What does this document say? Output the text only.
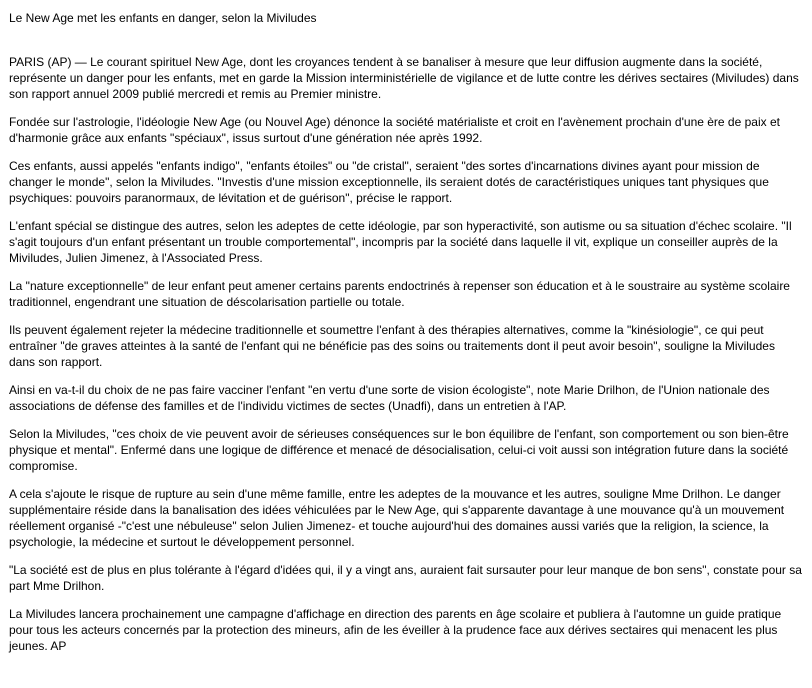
Le New Age met les enfants en danger, selon la Miviludes

PARIS (AP) — Le courant spirituel New Age, dont les croyances tendent à se banaliser à mesure que leur diffusion augmente dans la société, représente un danger pour les enfants, met en garde la Mission interministérielle de vigilance et de lutte contre les dérives sectaires (Miviludes) dans son rapport annuel 2009 publié mercredi et remis au Premier ministre.

Fondée sur l'astrologie, l'idéologie New Age (ou Nouvel Age) dénonce la société matérialiste et croit en l'avènement prochain d'une ère de paix et d'harmonie grâce aux enfants "spéciaux", issus surtout d'une génération née après 1992.

Ces enfants, aussi appelés "enfants indigo", "enfants étoiles" ou "de cristal", seraient "des sortes d'incarnations divines ayant pour mission de changer le monde", selon la Miviludes. "Investis d'une mission exceptionnelle, ils seraient dotés de caractéristiques uniques tant physiques que psychiques: pouvoirs paranormaux, de lévitation et de guérison", précise le rapport.

L'enfant spécial se distingue des autres, selon les adeptes de cette idéologie, par son hyperactivité, son autisme ou sa situation d'échec scolaire. "Il s'agit toujours d'un enfant présentant un trouble comportemental", incompris par la société dans laquelle il vit, explique un conseiller auprès de la Miviludes, Julien Jimenez, à l'Associated Press.

La "nature exceptionnelle" de leur enfant peut amener certains parents endoctrinés à repenser son éducation et à le soustraire au système scolaire traditionnel, engendrant une situation de déscolarisation partielle ou totale.

Ils peuvent également rejeter la médecine traditionnelle et soumettre l'enfant à des thérapies alternatives, comme la "kinésiologie", ce qui peut entraîner "de graves atteintes à la santé de l'enfant qui ne bénéficie pas des soins ou traitements dont il peut avoir besoin", souligne la Miviludes dans son rapport.

Ainsi en va-t-il du choix de ne pas faire vacciner l'enfant "en vertu d'une sorte de vision écologiste", note Marie Drilhon, de l'Union nationale des associations de défense des familles et de l'individu victimes de sectes (Unadfi), dans un entretien à l'AP.

Selon la Miviludes, "ces choix de vie peuvent avoir de sérieuses conséquences sur le bon équilibre de l'enfant, son comportement ou son bien-être physique et mental". Enfermé dans une logique de différence et menacé de désocialisation, celui-ci voit aussi son intégration future dans la société compromise.

A cela s'ajoute le risque de rupture au sein d'une même famille, entre les adeptes de la mouvance et les autres, souligne Mme Drilhon. Le danger supplémentaire réside dans la banalisation des idées véhiculées par le New Age, qui s'apparente davantage à une mouvance qu'à un mouvement réellement organisé -"c'est une nébuleuse" selon Julien Jimenez- et touche aujourd'hui des domaines aussi variés que la religion, la science, la psychologie, la médecine et surtout le développement personnel.

"La société est de plus en plus tolérante à l'égard d'idées qui, il y a vingt ans, auraient fait sursauter pour leur manque de bon sens", constate pour sa part Mme Drilhon.

La Miviludes lancera prochainement une campagne d'affichage en direction des parents en âge scolaire et publiera à l'automne un guide pratique pour tous les acteurs concernés par la protection des mineurs, afin de les éveiller à la prudence face aux dérives sectaires qui menacent les plus jeunes. AP
